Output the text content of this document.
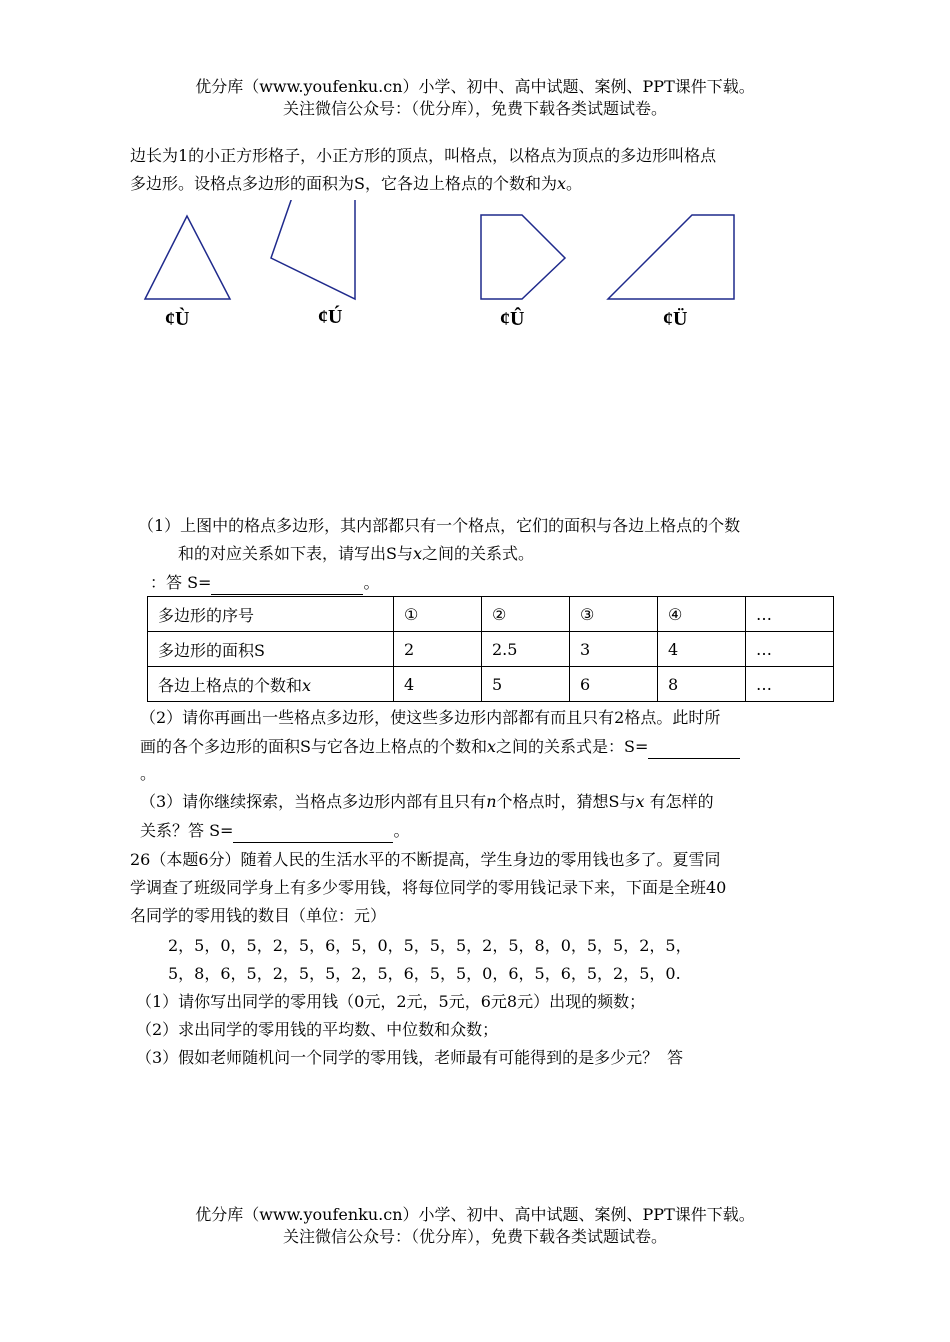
优分库（www.youfenku.cn）小学、初中、高中试题、案例、PPT课件下载。
关注微信公众号：（优分库），免费下载各类试题试卷。
边长为1的小正方形格子，小正方形的顶点，叫格点，以格点为顶点的多边形叫格点
多边形。设格点多边形的面积为S，它各边上格点的个数和为x。
¢Ù	¢Ú	¢Û	¢Ü
（1）上图中的格点多边形，其内部都只有一个格点，它们的面积与各边上格点的个数
和的对应关系如下表，请写出S与x之间的关系式。
：答 S=	。
多边形的序号	①	②	③	④	…
多边形的面积S	2	2.5	3	4	…
各边上格点的个数和x	4	5	6	8	…
（2）请你再画出一些格点多边形，使这些多边形内部都有而且只有2格点。此时所
画的各个多边形的面积S与它各边上格点的个数和x之间的关系式是：S=
。
（3）请你继续探索，当格点多边形内部有且只有n个格点时，猜想S与x 有怎样的
关系？答 S=	。
26（本题6分）随着人民的生活水平的不断提高，学生身边的零用钱也多了。夏雪同
学调查了班级同学身上有多少零用钱，将每位同学的零用钱记录下来，下面是全班40
名同学的零用钱的数目（单位：元）
2，5，0，5，2，5，6，5，0，5，5，5，2，5，8，0，5，5，2，5，
5，8，6，5，2，5，5，2，5，6，5，5，0，6，5，6，5，2，5，0.
（1）请你写出同学的零用钱（0元，2元，5元，6元8元）出现的频数；
（2）求出同学的零用钱的平均数、中位数和众数；
（3）假如老师随机问一个同学的零用钱，老师最有可能得到的是多少元？ 答
优分库（www.youfenku.cn）小学、初中、高中试题、案例、PPT课件下载。
关注微信公众号：（优分库），免费下载各类试题试卷。
